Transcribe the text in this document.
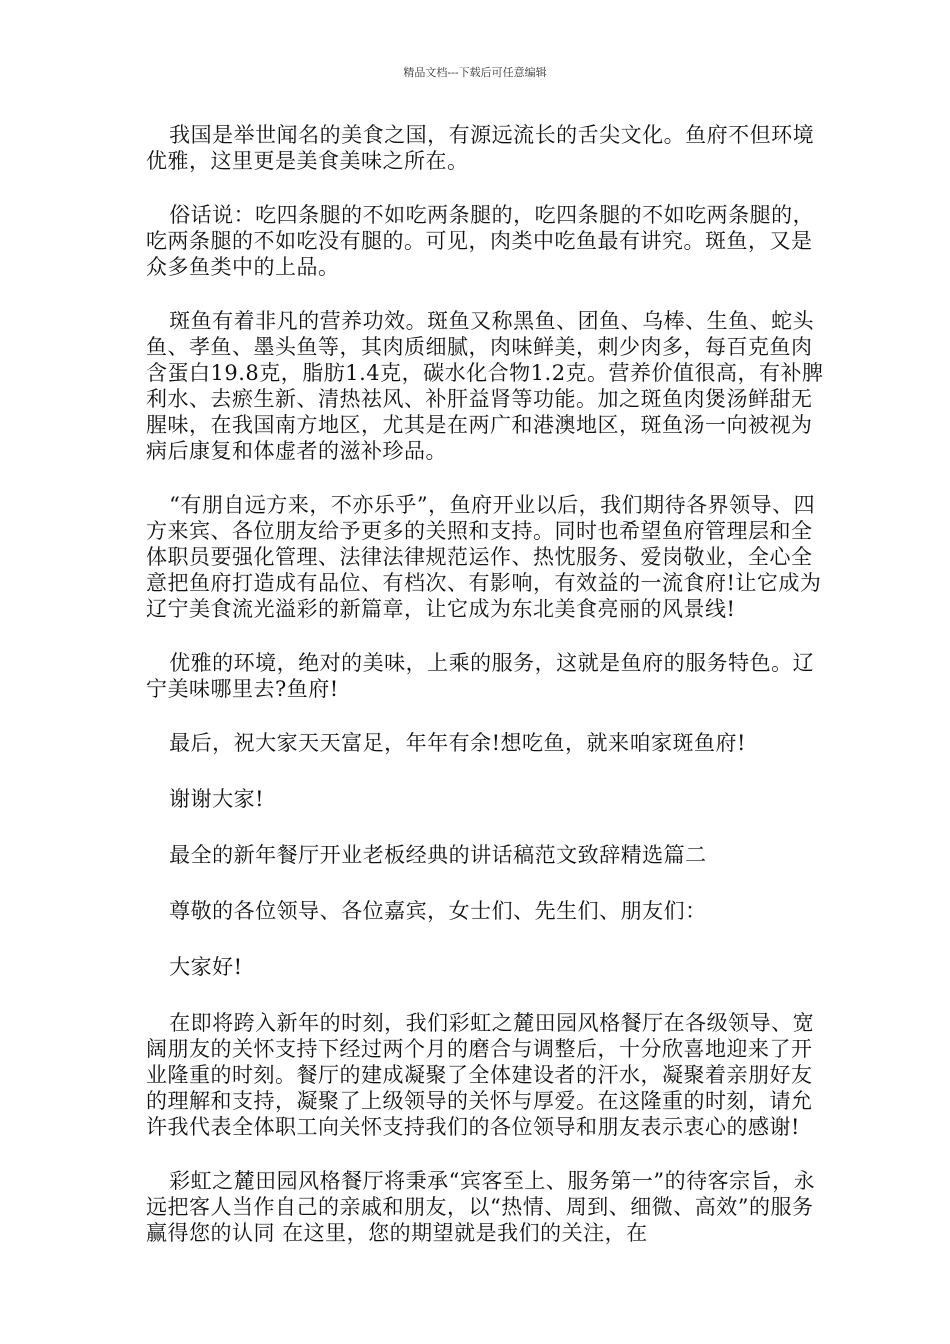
精品文档---下载后可任意编辑

我国是举世闻名的美食之国，有源远流长的舌尖文化。鱼府不但环境优雅，这里更是美食美味之所在。

俗话说：吃四条腿的不如吃两条腿的，吃四条腿的不如吃两条腿的，吃两条腿的不如吃没有腿的。可见，肉类中吃鱼最有讲究。斑鱼，又是众多鱼类中的上品。

斑鱼有着非凡的营养功效。斑鱼又称黑鱼、团鱼、乌棒、生鱼、蛇头鱼、孝鱼、墨头鱼等，其肉质细腻，肉味鲜美，刺少肉多，每百克鱼肉含蛋白19.8克，脂肪1.4克，碳水化合物1.2克。营养价值很高，有补脾利水、去瘀生新、清热祛风、补肝益肾等功能。加之斑鱼肉煲汤鲜甜无腥味，在我国南方地区，尤其是在两广和港澳地区，斑鱼汤一向被视为病后康复和体虚者的滋补珍品。

“有朋自远方来，不亦乐乎”，鱼府开业以后，我们期待各界领导、四方来宾、各位朋友给予更多的关照和支持。同时也希望鱼府管理层和全体职员要强化管理、法律法律规范运作、热忱服务、爱岗敬业，全心全意把鱼府打造成有品位、有档次、有影响，有效益的一流食府!让它成为辽宁美食流光溢彩的新篇章，让它成为东北美食亮丽的风景线!

优雅的环境，绝对的美味，上乘的服务，这就是鱼府的服务特色。辽宁美味哪里去?鱼府!

最后，祝大家天天富足，年年有余!想吃鱼，就来咱家斑鱼府!

谢谢大家!

最全的新年餐厅开业老板经典的讲话稿范文致辞精选篇二

尊敬的各位领导、各位嘉宾，女士们、先生们、朋友们：

大家好!

在即将跨入新年的时刻，我们彩虹之麓田园风格餐厅在各级领导、宽阔朋友的关怀支持下经过两个月的磨合与调整后，十分欣喜地迎来了开业隆重的时刻。餐厅的建成凝聚了全体建设者的汗水，凝聚着亲朋好友的理解和支持，凝聚了上级领导的关怀与厚爱。在这隆重的时刻，请允许我代表全体职工向关怀支持我们的各位领导和朋友表示衷心的感谢!

彩虹之麓田园风格餐厅将秉承“宾客至上、服务第一”的待客宗旨，永远把客人当作自己的亲戚和朋友，以“热情、周到、细微、高效”的服务赢得您的认同 在这里，您的期望就是我们的关注，在
